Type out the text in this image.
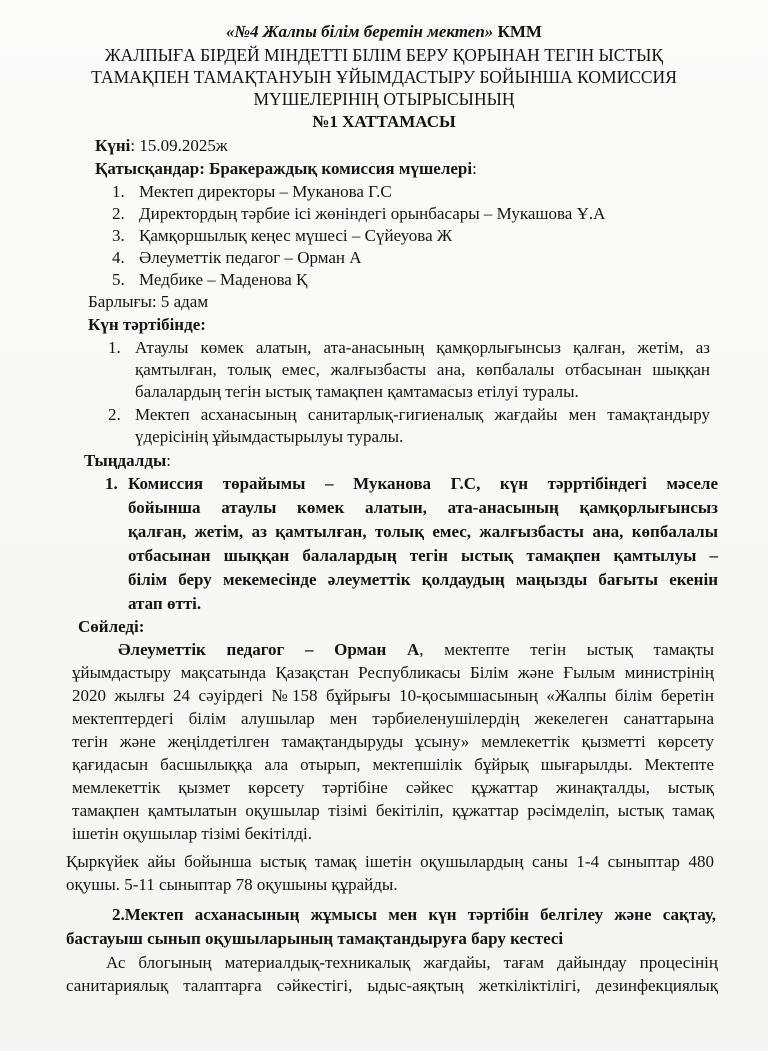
«№4 Жалпы білім беретін мектеп» КММ
ЖАЛПЫҒА БІРДЕЙ МІНДЕТТІ БІЛІМ БЕРУ ҚОРЫНАН ТЕГІН ЫСТЫҚ
ТАМАҚПЕН ТАМАҚТАНУЫН ҰЙЫМДАСТЫРУ БОЙЫНША КОМИССИЯ
МҮШЕЛЕРІНІҢ ОТЫРЫСЫНЫҢ
№1 ХАТТАМАСЫ
Күні: 15.09.2025ж
Қатысқандар: Бракераждық комиссия мүшелері:
1. Мектеп директоры – Муканова Г.С
2. Директордың тәрбие ісі жөніндегі орынбасары – Мукашова Ұ.А
3. Қамқоршылық кеңес мүшесі – Сүйеуова Ж
4. Әлеуметтік педагог – Орман А
5. Медбике – Маденова Қ
Барлығы: 5 адам
Күн тәртібінде:
1. Атаулы көмек алатын, ата-анасының қамқорлығынсыз қалған, жетім, аз
қамтылған, толық емес, жалғызбасты ана, көпбалалы отбасынан шыққан
балалардың тегін ыстық тамақпен қамтамасыз етілуі туралы.
2. Мектеп асханасының санитарлық-гигиеналық жағдайы мен тамақтандыру
үдерісінің ұйымдастырылуы туралы.
Тыңдалды:
1. Комиссия төрайымы – Муканова Г.С, күн тәрртібіндегі мәселе
бойынша атаулы көмек алатын, ата-анасының қамқорлығынсыз
қалған, жетім, аз қамтылған, толық емес, жалғызбасты ана, көпбалалы
отбасынан шыққан балалардың тегін ыстық тамақпен қамтылуы –
білім беру мекемесінде әлеуметтік қолдаудың маңызды бағыты екенін
атап өтті.
Сөйледі:
Әлеуметтік педагог – Орман А, мектепте тегін ыстық тамақты
ұйымдастыру мақсатында Қазақстан Республикасы Білім және Ғылым министрінің
2020 жылғы 24 сәуірдегі №158 бұйрығы 10-қосымшасының «Жалпы білім беретін
мектептердегі білім алушылар мен тәрбиеленушілердің жекелеген санаттарына
тегін және жеңілдетілген тамақтандыруды ұсыну» мемлекеттік қызметті көрсету
қағидасын басшылыққа ала отырып, мектепшілік бұйрық шығарылды. Мектепте
мемлекеттік қызмет көрсету тәртібіне сәйкес құжаттар жинақталды, ыстық
тамақпен қамтылатын оқушылар тізімі бекітіліп, құжаттар рәсімделіп, ыстық тамақ
ішетін оқушылар тізімі бекітілді.
Қыркүйек айы бойынша ыстық тамақ ішетін оқушылардың саны 1-4 сыныптар 480
оқушы. 5-11 сыныптар 78 оқушыны құрайды.
2.Мектеп асханасының жұмысы мен күн тәртібін белгілеу және сақтау,
бастауыш сынып оқушыларының тамақтандыруға бару кестесі
Ас блогының материалдық-техникалық жағдайы, тағам дайындау процесінің
санитариялық талаптарға сәйкестігі, ыдыс-аяқтың жеткіліктілігі, дезинфекциялық
